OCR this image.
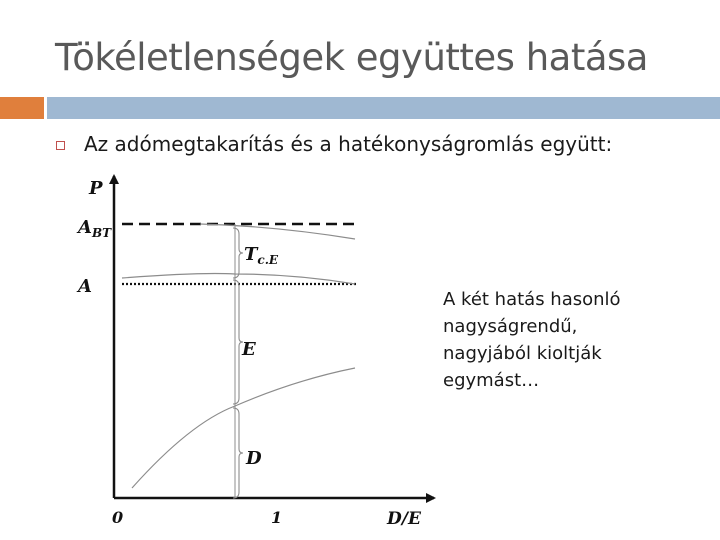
Tökéletlenségek együttes hatása
Az adómegtakarítás és a hatékonyságromlás együtt:
P
D/E
0	1
$A_{BT}$
A
$T_{c.E}$
E
D
A két hatás hasonló
nagyságrendű,
nagyjából kioltják
egymást…
